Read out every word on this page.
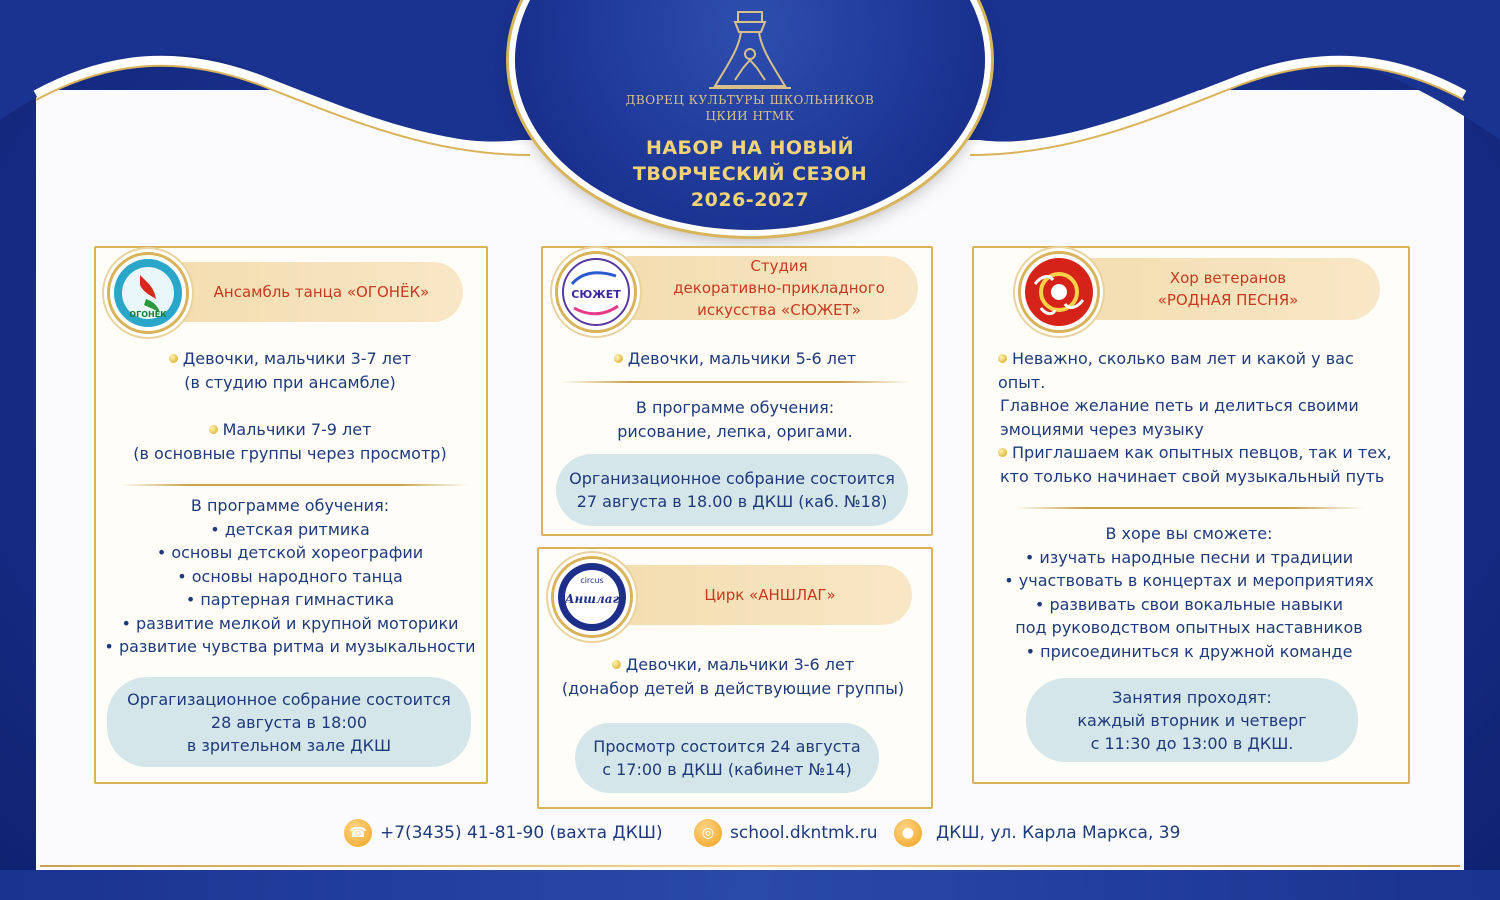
ДВОРЕЦ КУЛЬТУРЫ ШКОЛЬНИКОВ
ЦКИИ НТМК
НАБОР НА НОВЫЙ
ТВОРЧЕСКИЙ СЕЗОН
2026-2027
Ансамбль танца «ОГОНЁК»
ОГОНЁК
Девочки, мальчики 3-7 лет
(в студию при ансамбле)
Мальчики 7-9 лет
(в основные группы через просмотр)
В программе обучения:
• детская ритмика
• основы детской хореографии
• основы народного танца
• партерная гимнастика
• развитие мелкой и крупной моторики
• развитие чувства ритма и музыкальности
Оргагизационное собрание состоится
28 августа в 18:00
в зрительном зале ДКШ
Студия
декоративно-прикладного
искусства «СЮЖЕТ»
СЮЖЕТ
Девочки, мальчики 5-6 лет
В программе обучения:
рисование, лепка, оригами.
Организационное собрание состоится
27 августа в 18.00 в ДКШ (каб. №18)
Цирк «АНШЛАГ»
circus
Аншлаг
★
Девочки, мальчики 3-6 лет
(донабор детей в действующие группы)
Просмотр состоится 24 августа
с 17:00 в ДКШ (кабинет №14)
Хор ветеранов
«РОДНАЯ ПЕСНЯ»
Неважно, сколько вам лет и какой у вас опыт.
Главное желание петь и делиться своими
эмоциями через музыку
Приглашаем как опытных певцов, так и тех,
кто только начинает свой музыкальный путь
В хоре вы сможете:
• изучать народные песни и традиции
• участвовать в концертах и мероприятиях
• развивать свои вокальные навыки
под руководством опытных наставников
• присоединиться к дружной команде
Занятия проходят:
каждый вторник и четверг
с 11:30 до 13:00 в ДКШ.
☎ +7(3435) 41-81-90 (вахта ДКШ)	◎ school.dkntmk.ru	●	ДКШ, ул. Карла Маркса, 39
